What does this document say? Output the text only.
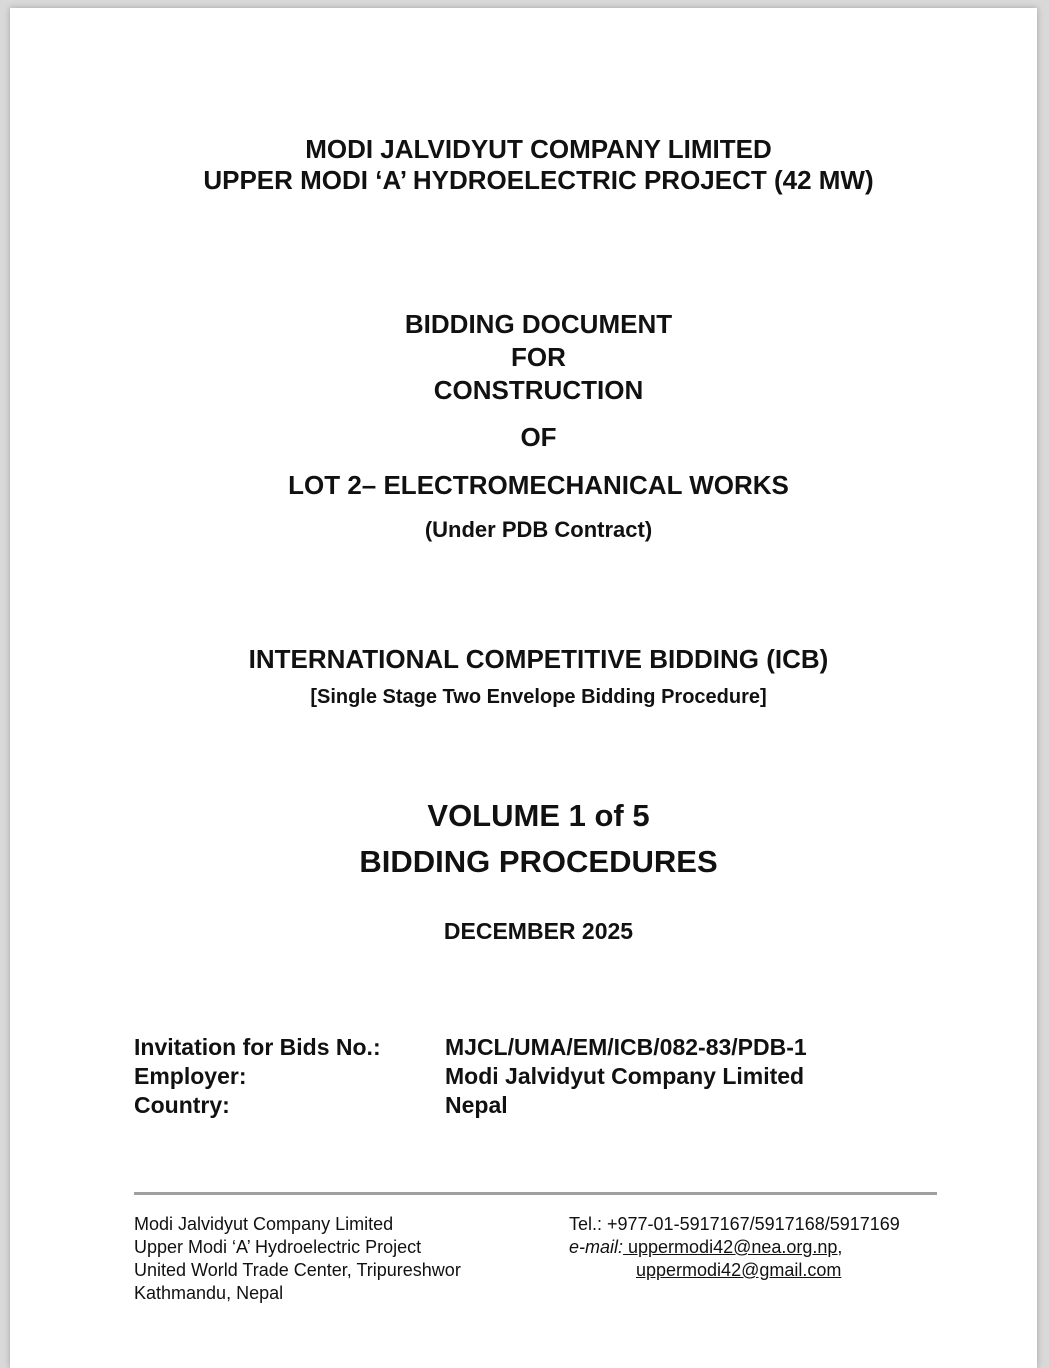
MODI JALVIDYUT COMPANY LIMITED
UPPER MODI ‘A’ HYDROELECTRIC PROJECT (42 MW)
BIDDING DOCUMENT
FOR
CONSTRUCTION
OF
LOT 2– ELECTROMECHANICAL WORKS
(Under PDB Contract)
INTERNATIONAL COMPETITIVE BIDDING (ICB)
[Single Stage Two Envelope Bidding Procedure]
VOLUME 1 of 5
BIDDING PROCEDURES
DECEMBER 2025
Invitation for Bids No.:
Employer:
Country:
MJCL/UMA/EM/ICB/082-83/PDB-1
Modi Jalvidyut Company Limited
Nepal
Modi Jalvidyut Company Limited
Upper Modi ‘A’ Hydroelectric Project
United World Trade Center, Tripureshwor
Kathmandu, Nepal
Tel.: +977-01-5917167/5917168/5917169
e-mail: uppermodi42@nea.org.np,
uppermodi42@gmail.com
